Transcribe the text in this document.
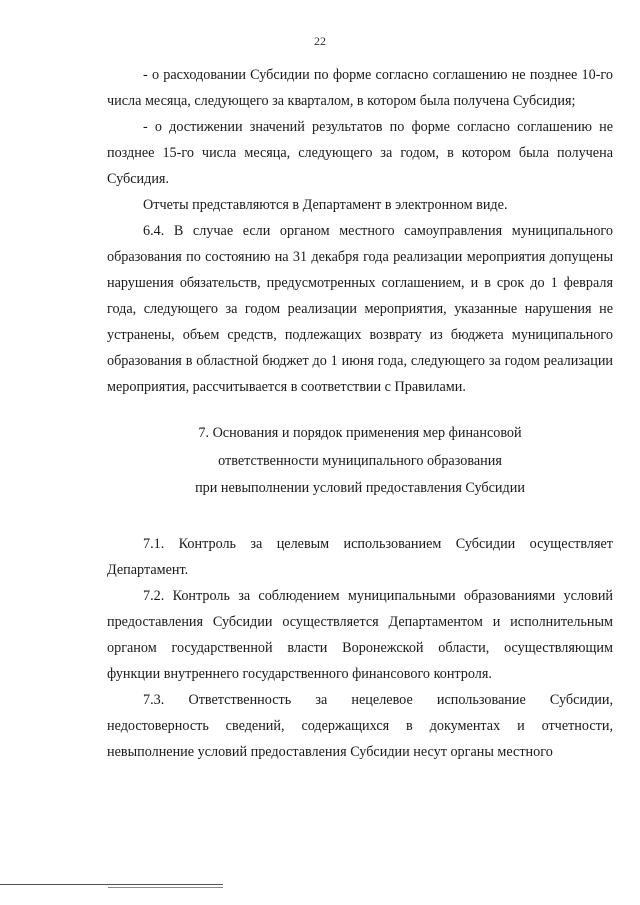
22

- о расходовании Субсидии по форме согласно соглашению не позднее 10-го числа месяца, следующего за кварталом, в котором была получена Субсидия;

- о достижении значений результатов по форме согласно соглашению не позднее 15-го числа месяца, следующего за годом, в котором была получена Субсидия.

Отчеты представляются в Департамент в электронном виде.

6.4. В случае если органом местного самоуправления муниципального образования по состоянию на 31 декабря года реализации мероприятия допущены нарушения обязательств, предусмотренных соглашением, и в срок до 1 февраля года, следующего за годом реализации мероприятия, указанные нарушения не устранены, объем средств, подлежащих возврату из бюджета муниципального образования в областной бюджет до 1 июня года, следующего за годом реализации мероприятия, рассчитывается в соответствии с Правилами.

7. Основания и порядок применения мер финансовой
ответственности муниципального образования
при невыполнении условий предоставления Субсидии

7.1. Контроль за целевым использованием Субсидии осуществляет Департамент.

7.2. Контроль за соблюдением муниципальными образованиями условий предоставления Субсидии осуществляется Департаментом и исполнительным органом государственной власти Воронежской области, осуществляющим функции внутреннего государственного финансового контроля.

7.3. Ответственность за нецелевое использование Субсидии, недостоверность сведений, содержащихся в документах и отчетности, невыполнение условий предоставления Субсидии несут органы местного
